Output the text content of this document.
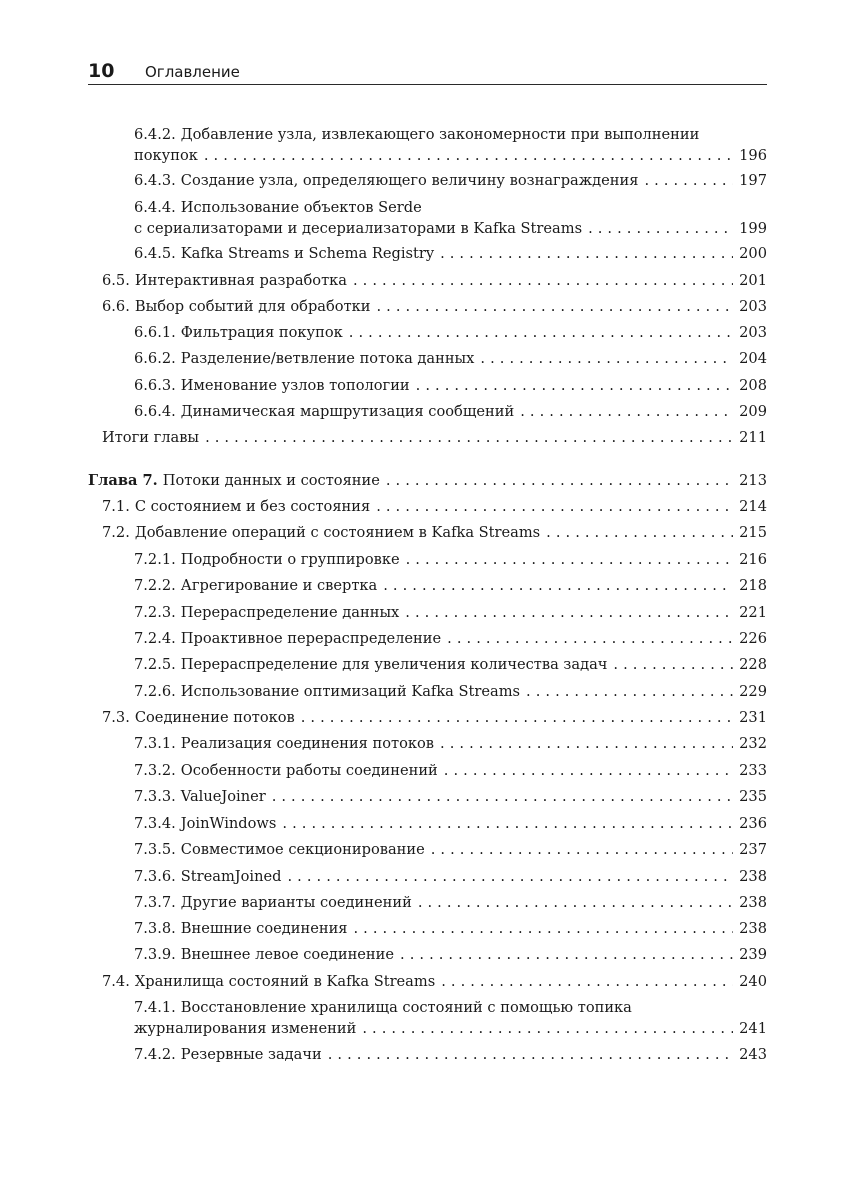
10 Оглавление
6.4.2. Добавление узла, извлекающего закономерности при выполнении
покупок . . .	196
6.4.3. Создание узла, определяющего величину вознаграждения . . .	197
6.4.4. Использование объектов Serde
с сериализаторами и десериализаторами в Kafka Streams . . .	199
6.4.5. Kafka Streams и Schema Registry . . .	200
6.5. Интерактивная разработка . . .	201
6.6. Выбор событий для обработки . . .	203
6.6.1. Фильтрация покупок . . .	203
6.6.2. Разделение/ветвление потока данных . . .	204
6.6.3. Именование узлов топологии . . .	208
6.6.4. Динамическая маршрутизация сообщений . . .	209
Итоги главы . . .	211
Глава 7. Потоки данных и состояние . . .	213
7.1. С состоянием и без состояния . . .	214
7.2. Добавление операций с состоянием в Kafka Streams . . .	215
7.2.1. Подробности о группировке . . .	216
7.2.2. Агрегирование и свертка . . .	218
7.2.3. Перераспределение данных . . .	221
7.2.4. Проактивное перераспределение . . .	226
7.2.5. Перераспределение для увеличения количества задач . . .	228
7.2.6. Использование оптимизаций Kafka Streams . . .	229
7.3. Соединение потоков . . .	231
7.3.1. Реализация соединения потоков . . .	232
7.3.2. Особенности работы соединений . . .	233
7.3.3. ValueJoiner . . .	235
7.3.4. JoinWindows . . .	236
7.3.5. Совместимое секционирование . . .	237
7.3.6. StreamJoined . . .	238
7.3.7. Другие варианты соединений . . .	238
7.3.8. Внешние соединения . . .	238
7.3.9. Внешнее левое соединение . . .	239
7.4. Хранилища состояний в Kafka Streams . . .	240
7.4.1. Восстановление хранилища состояний с помощью топика
журналирования изменений . . .	241
7.4.2. Резервные задачи . . .	243
